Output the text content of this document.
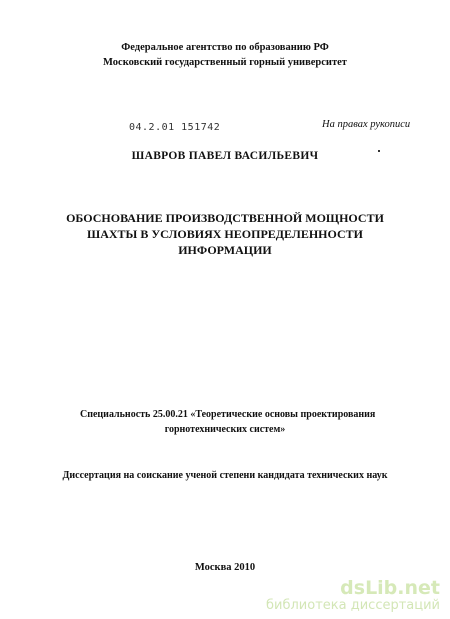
Федеральное агентство по образованию РФ
Московский государственный горный университет
04.2.01 151742	На правах рукописи
ШАВРОВ ПАВЕЛ ВАСИЛЬЕВИЧ
ОБОСНОВАНИЕ ПРОИЗВОДСТВЕННОЙ МОЩНОСТИ
ШАХТЫ В УСЛОВИЯХ НЕОПРЕДЕЛЕННОСТИ
ИНФОРМАЦИИ
Специальность 25.00.21 «Теоретические основы проектирования
горнотехнических систем»
Диссертация на соискание ученой степени кандидата технических наук
Москва 2010
dsLib.net
библиотека диссертаций
